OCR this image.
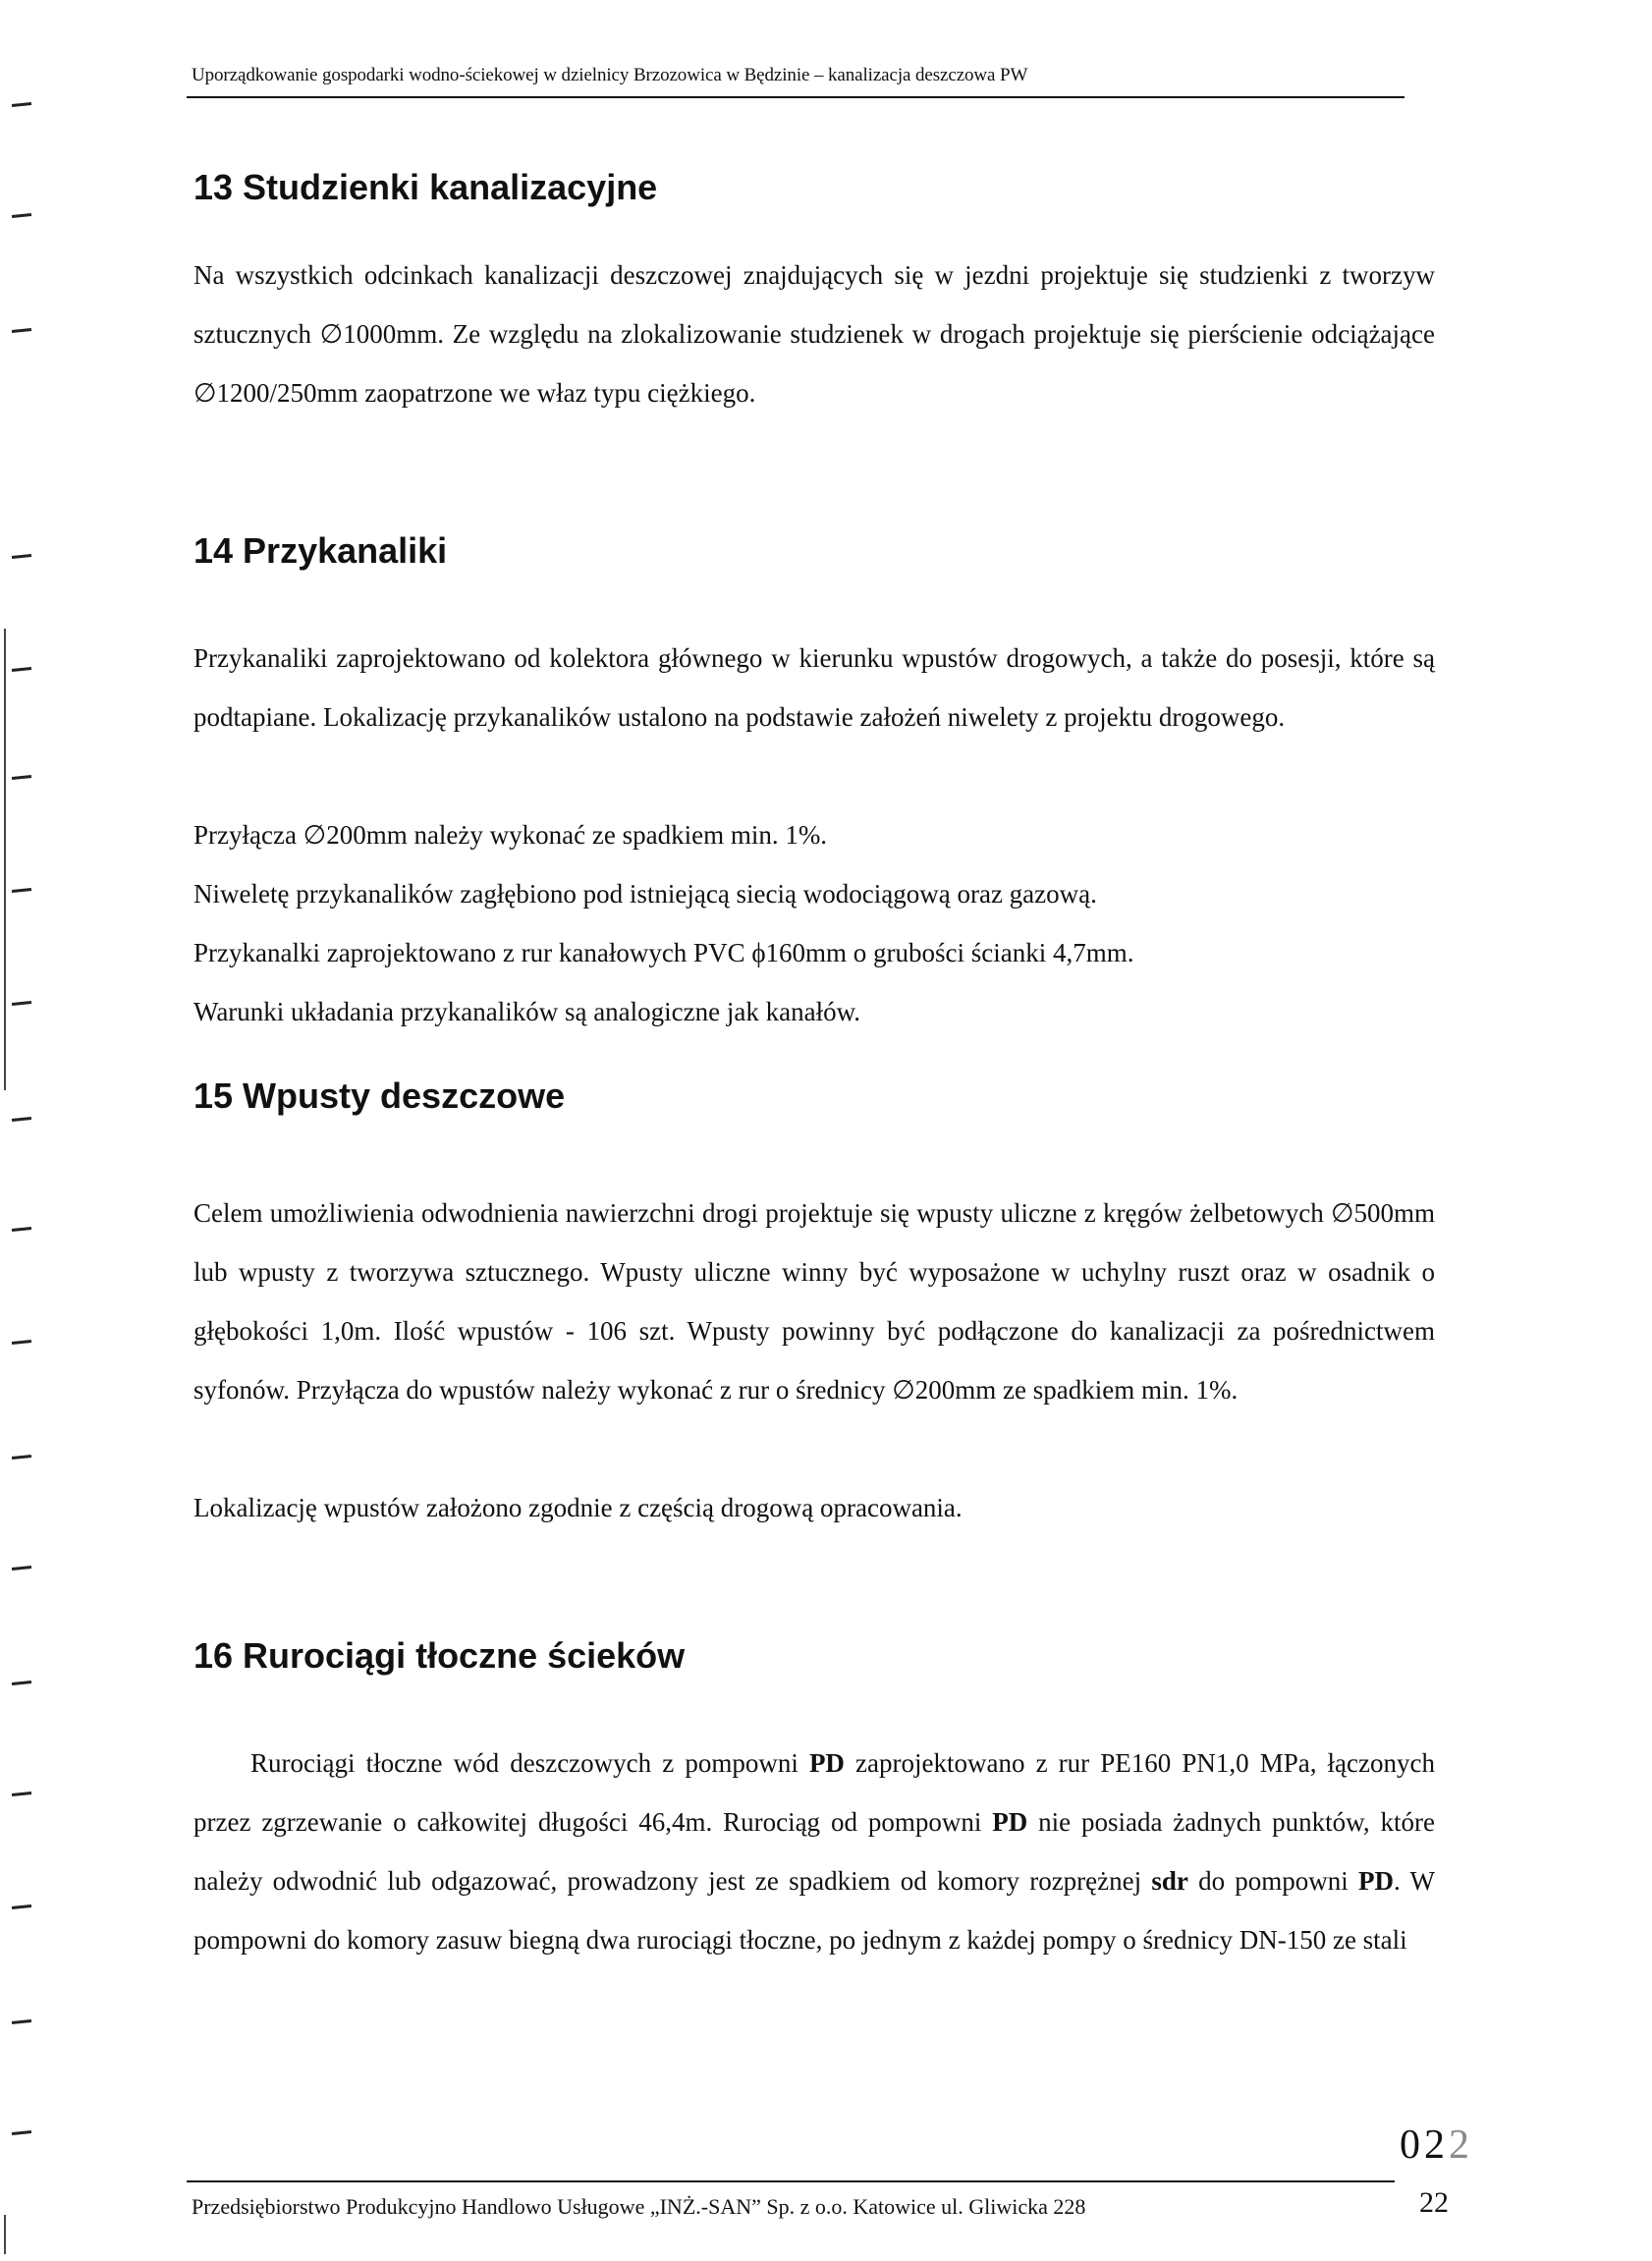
Uporządkowanie gospodarki wodno-ściekowej w dzielnicy Brzozowica w Będzinie – kanalizacja deszczowa PW
13 Studzienki kanalizacyjne

Na wszystkich odcinkach kanalizacji deszczowej znajdujących się w jezdni projektuje się studzienki z tworzyw sztucznych ∅1000mm. Ze względu na zlokalizowanie studzienek w drogach projektuje się pierścienie odciążające ∅1200/250mm zaopatrzone we właz typu ciężkiego.

14 Przykanaliki

Przykanaliki zaprojektowano od kolektora głównego w kierunku wpustów drogowych, a także do posesji, które są podtapiane. Lokalizację przykanalików ustalono na podstawie założeń niwelety z projektu drogowego.

Przyłącza ∅200mm należy wykonać ze spadkiem min. 1%.

Niweletę przykanalików zagłębiono pod istniejącą siecią wodociągową oraz gazową.

Przykanalki zaprojektowano z rur kanałowych PVC ϕ160mm o grubości ścianki 4,7mm.

Warunki układania przykanalików są analogiczne jak kanałów.

15 Wpusty deszczowe

Celem umożliwienia odwodnienia nawierzchni drogi projektuje się wpusty uliczne z kręgów żelbetowych ∅500mm lub wpusty z tworzywa sztucznego. Wpusty uliczne winny być wyposażone w uchylny ruszt oraz w osadnik o głębokości 1,0m. Ilość wpustów - 106 szt. Wpusty powinny być podłączone do kanalizacji za pośrednictwem syfonów. Przyłącza do wpustów należy wykonać z rur o średnicy ∅200mm ze spadkiem min. 1%.

Lokalizację wpustów założono zgodnie z częścią drogową opracowania.

16 Rurociągi tłoczne ścieków

Rurociągi tłoczne wód deszczowych z pompowni PD zaprojektowano z rur PE160 PN1,0 MPa, łączonych przez zgrzewanie o całkowitej długości 46,4m. Rurociąg od pompowni PD nie posiada żadnych punktów, które należy odwodnić lub odgazować, prowadzony jest ze spadkiem od komory rozprężnej sdr do pompowni PD. W pompowni do komory zasuw biegną dwa rurociągi tłoczne, po jednym z każdej pompy o średnicy DN-150 ze stali

022
Przedsiębiorstwo Produkcyjno Handlowo Usługowe „INŻ.-SAN” Sp. z o.o. Katowice ul. Gliwicka 228	22
